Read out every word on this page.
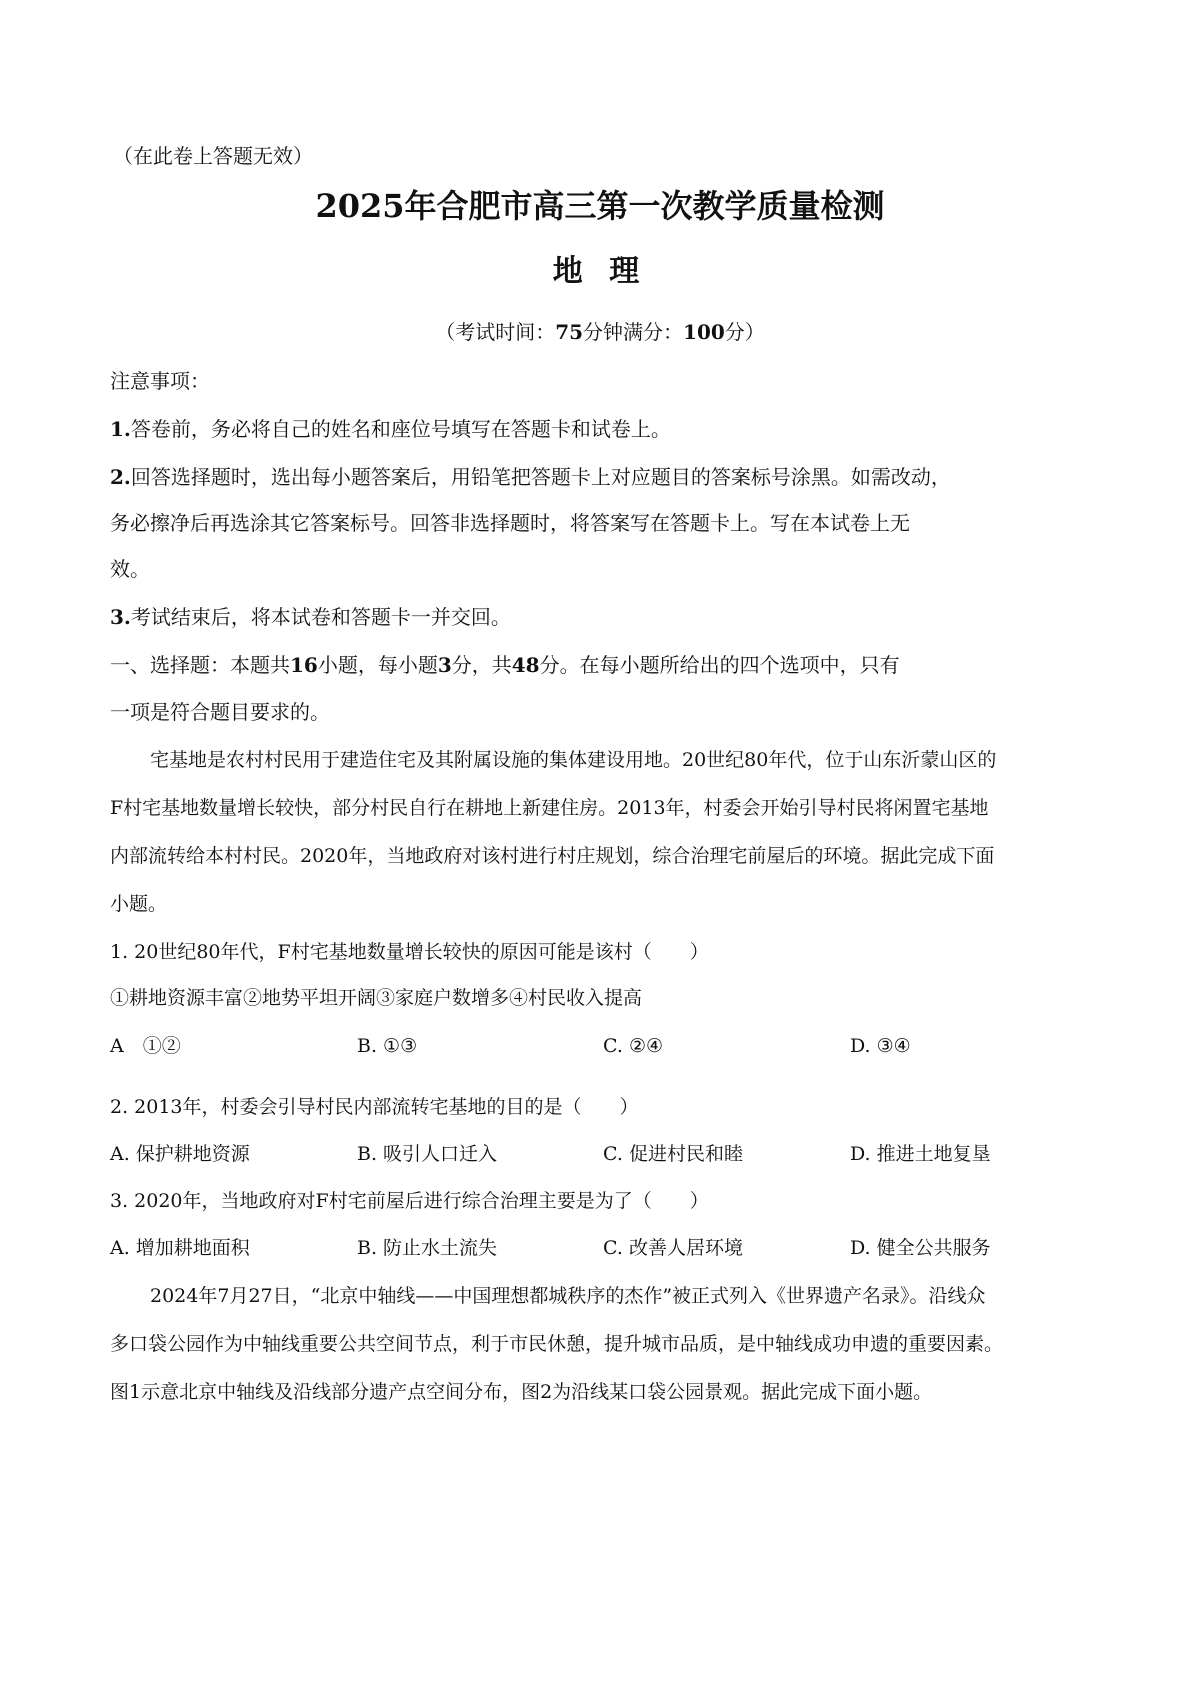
（在此卷上答题无效）
2025年合肥市高三第一次教学质量检测
地 理
（考试时间：75分钟满分：100分）
注意事项：
1.答卷前，务必将自己的姓名和座位号填写在答题卡和试卷上。
2.回答选择题时，选出每小题答案后，用铅笔把答题卡上对应题目的答案标号涂黑。如需改动，
务必擦净后再选涂其它答案标号。回答非选择题时，将答案写在答题卡上。写在本试卷上无
效。
3.考试结束后，将本试卷和答题卡一并交回。
一、选择题：本题共16小题，每小题3分，共48分。在每小题所给出的四个选项中，只有
一项是符合题目要求的。
宅基地是农村村民用于建造住宅及其附属设施的集体建设用地。20世纪80年代，位于山东沂蒙山区的
F村宅基地数量增长较快，部分村民自行在耕地上新建住房。2013年，村委会开始引导村民将闲置宅基地
内部流转给本村村民。2020年，当地政府对该村进行村庄规划，综合治理宅前屋后的环境。据此完成下面
小题。
1. 20世纪80年代，F村宅基地数量增长较快的原因可能是该村（　　）
①耕地资源丰富②地势平坦开阔③家庭户数增多④村民收入提高
A　①②	B. ①③	C. ②④	D. ③④
2. 2013年，村委会引导村民内部流转宅基地的目的是（　　）
A. 保护耕地资源	B. 吸引人口迁入	C. 促进村民和睦	D. 推进土地复垦
3. 2020年，当地政府对F村宅前屋后进行综合治理主要是为了（　　）
A. 增加耕地面积	B. 防止水土流失	C. 改善人居环境	D. 健全公共服务
2024年7月27日，“北京中轴线——中国理想都城秩序的杰作”被正式列入《世界遗产名录》。沿线众
多口袋公园作为中轴线重要公共空间节点，利于市民休憩，提升城市品质，是中轴线成功申遗的重要因素。
图1示意北京中轴线及沿线部分遗产点空间分布，图2为沿线某口袋公园景观。据此完成下面小题。
